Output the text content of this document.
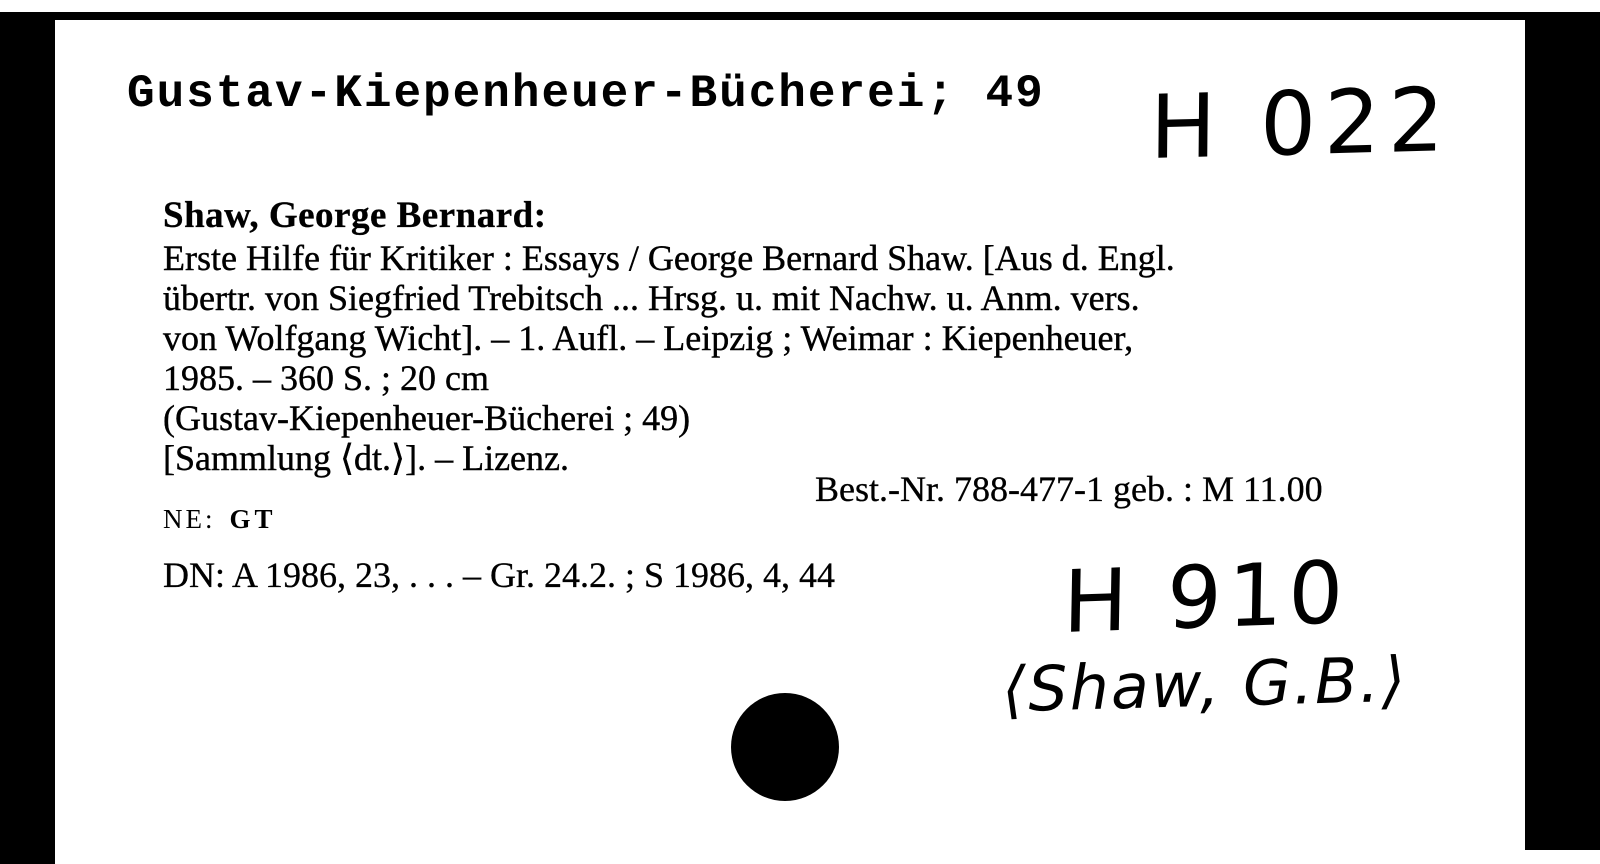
Gustav-Kiepenheuer-Bücherei; 49 H 022
Shaw, George Bernard:
Erste Hilfe für Kritiker : Essays / George Bernard Shaw. [Aus d. Engl.
übertr. von Siegfried Trebitsch ... Hrsg. u. mit Nachw. u. Anm. vers.
von Wolfgang Wicht]. – 1. Aufl. – Leipzig ; Weimar : Kiepenheuer,
1985. – 360 S. ; 20 cm
(Gustav-Kiepenheuer-Bücherei ; 49)
[Sammlung ⟨dt.⟩]. – Lizenz.
Best.-Nr. 788-477-1 geb. : M 11.00
NE: GT
DN: A 1986, 23, . . . – Gr. 24.2. ; S 1986, 4, 44	H 910
⟨Shaw, G.B.⟩
